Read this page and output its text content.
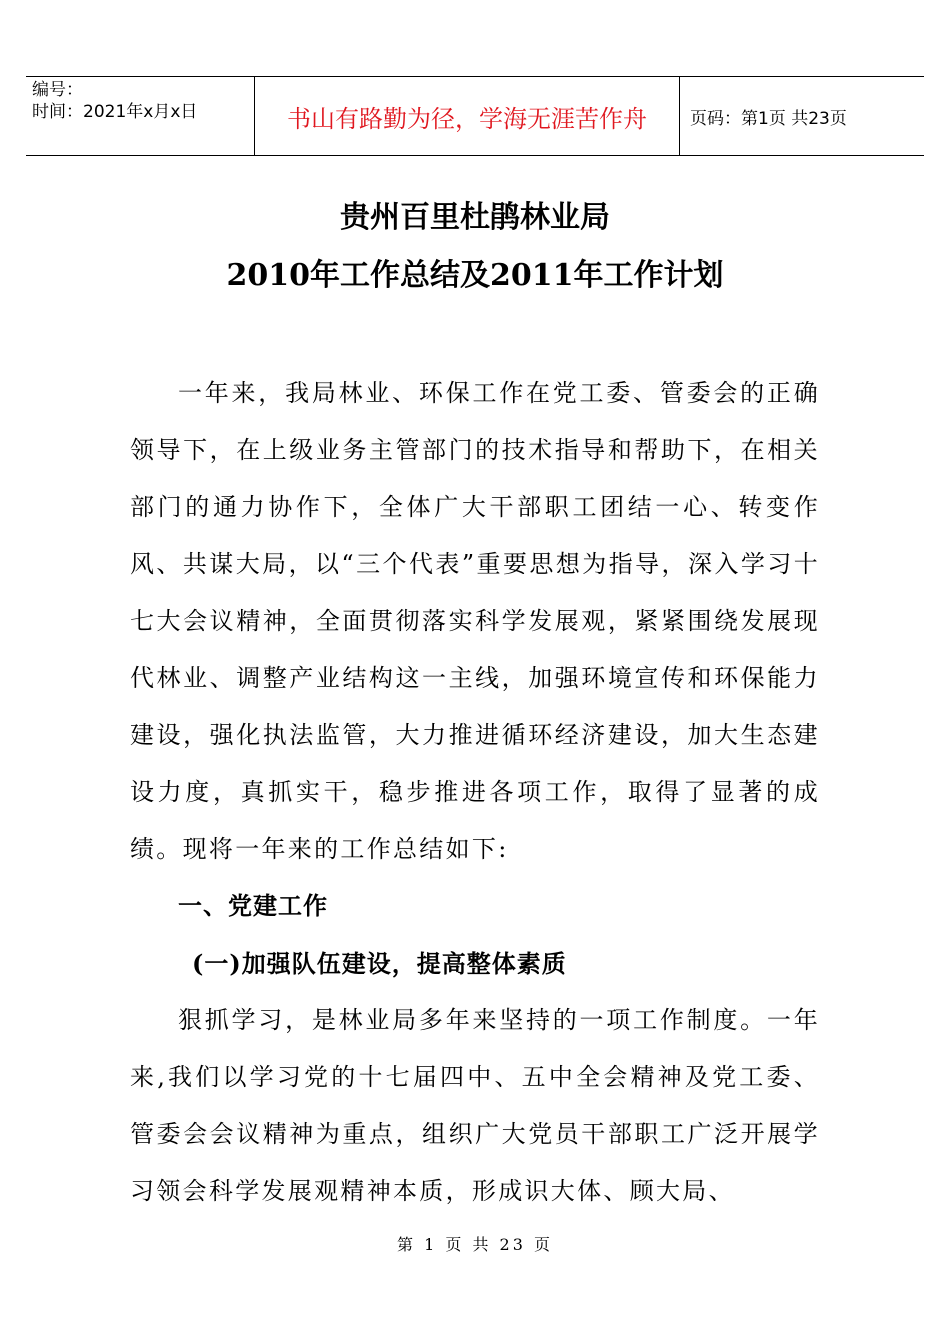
编号：
时间：2021年x月x日	书山有路勤为径，学海无涯苦作舟	页码：第1页 共23页
贵州百里杜鹃林业局
2010年工作总结及2011年工作计划

一年来，我局林业、环保工作在党工委、管委会的正确领导下，在上级业务主管部门的技术指导和帮助下，在相关部门的通力协作下，全体广大干部职工团结一心、转变作风、共谋大局，以“三个代表”重要思想为指导，深入学习十七大会议精神，全面贯彻落实科学发展观，紧紧围绕发展现代林业、调整产业结构这一主线，加强环境宣传和环保能力建设，强化执法监管，大力推进循环经济建设，加大生态建设力度，真抓实干，稳步推进各项工作，取得了显著的成绩。现将一年来的工作总结如下:

一、党建工作
(一)加强队伍建设，提高整体素质

狠抓学习，是林业局多年来坚持的一项工作制度。一年来,我们以学习党的十七届四中、五中全会精神及党工委、管委会会议精神为重点，组织广大党员干部职工广泛开展学习领会科学发展观精神本质，形成识大体、顾大局、

第 1 页 共 23 页
